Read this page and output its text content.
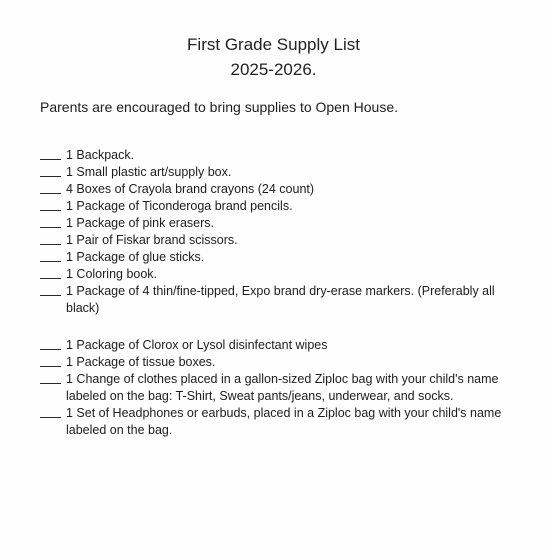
First Grade Supply List
2025-2026.
Parents are encouraged to bring supplies to Open House.
1 Backpack.
1 Small plastic art/supply box.
4 Boxes of Crayola brand crayons (24 count)
1 Package of Ticonderoga brand pencils.
1 Package of pink erasers.
1 Pair of Fiskar brand scissors.
1 Package of glue sticks.
1 Coloring book.
1 Package of 4 thin/fine-tipped, Expo brand dry-erase markers. (Preferably all black)
1 Package of Clorox or Lysol disinfectant wipes
1 Package of tissue boxes.
1 Change of clothes placed in a gallon-sized Ziploc bag with your child's name labeled on the bag: T-Shirt, Sweat pants/jeans, underwear, and socks.
1 Set of Headphones or earbuds, placed in a Ziploc bag with your child's name labeled on the bag.
